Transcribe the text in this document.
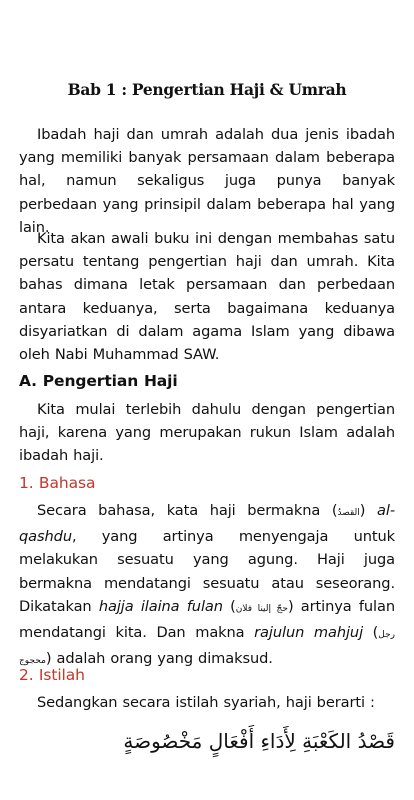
Bab 1 : Pengertian Haji & Umrah

Ibadah haji dan umrah adalah dua jenis ibadah yang memiliki banyak persamaan dalam beberapa hal, namun sekaligus juga punya banyak perbedaan yang prinsipil dalam beberapa hal yang lain.

Kita akan awali buku ini dengan membahas satu persatu tentang pengertian haji dan umrah. Kita bahas dimana letak persamaan dan perbedaan antara keduanya, serta bagaimana keduanya disyariatkan di dalam agama Islam yang dibawa oleh Nabi Muhammad SAW.

A. Pengertian Haji

Kita mulai terlebih dahulu dengan pengertian haji, karena yang merupakan rukun Islam adalah ibadah haji.

1. Bahasa

Secara bahasa, kata haji bermakna (القصدُ) al-qashdu, yang artinya menyengaja untuk melakukan sesuatu yang agung. Haji juga bermakna mendatangi sesuatu atau seseorang. Dikatakan hajja ilaina fulan (حجّ إلينا فلان) artinya fulan mendatangi kita. Dan makna rajulun mahjuj (رجل محجوج) adalah orang yang dimaksud.

2. Istilah

Sedangkan secara istilah syariah, haji berarti :

قَصْدُ الكَعْبَةِ لِأَدَاءِ أَفْعَالٍ مَخْصُوصَةٍ
